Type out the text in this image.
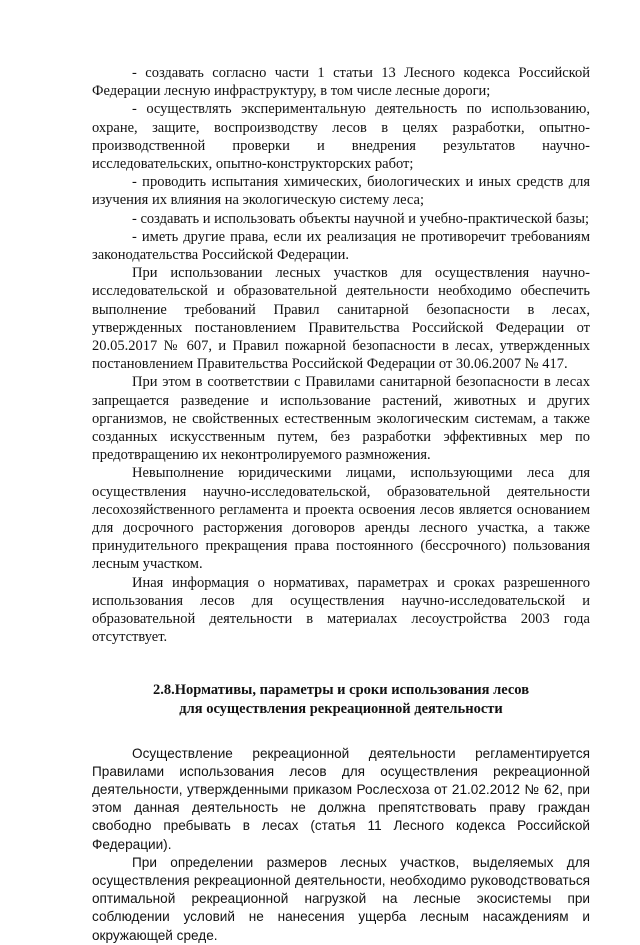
- создавать согласно части 1 статьи 13 Лесного кодекса Российской Федерации лесную инфраструктуру, в том числе лесные дороги;

- осуществлять экспериментальную деятельность по использованию, охране, защите, воспроизводству лесов в целях разработки, опытно-производственной проверки и внедрения результатов научно-исследовательских, опытно-конструкторских работ;

- проводить испытания химических, биологических и иных средств для изучения их влияния на экологическую систему леса;

- создавать и использовать объекты научной и учебно-практической базы;

- иметь другие права, если их реализация не противоречит требованиям законодательства Российской Федерации.

При использовании лесных участков для осуществления научно-исследовательской и образовательной деятельности необходимо обеспечить выполнение требований Правил санитарной безопасности в лесах, утвержденных постановлением Правительства Российской Федерации от 20.05.2017 № 607, и Правил пожарной безопасности в лесах, утвержденных постановлением Правительства Российской Федерации от 30.06.2007 № 417.

При этом в соответствии с Правилами санитарной безопасности в лесах запрещается разведение и использование растений, животных и других организмов, не свойственных естественным экологическим системам, а также созданных искусственным путем, без разработки эффективных мер по предотвращению их неконтролируемого размножения.

Невыполнение юридическими лицами, использующими леса для осуществления научно-исследовательской, образовательной деятельности лесохозяйственного регламента и проекта освоения лесов является основанием для досрочного расторжения договоров аренды лесного участка, а также принудительного прекращения права постоянного (бессрочного) пользования лесным участком.

Иная информация о нормативах, параметрах и сроках разрешенного использования лесов для осуществления научно-исследовательской и образовательной деятельности в материалах лесоустройства 2003 года отсутствует.

2.8.Нормативы, параметры и сроки использования лесов
для осуществления рекреационной деятельности

Осуществление рекреационной деятельности регламентируется Правилами использования лесов для осуществления рекреационной деятельности, утвержденными приказом Рослесхоза от 21.02.2012 № 62, при этом данная деятельность не должна препятствовать праву граждан свободно пребывать в лесах (статья 11 Лесного кодекса Российской Федерации).

При определении размеров лесных участков, выделяемых для осуществления рекреационной деятельности, необходимо руководствоваться оптимальной рекреационной нагрузкой на лесные экосистемы при соблюдении условий не нанесения ущерба лесным насаждениям и окружающей среде.
